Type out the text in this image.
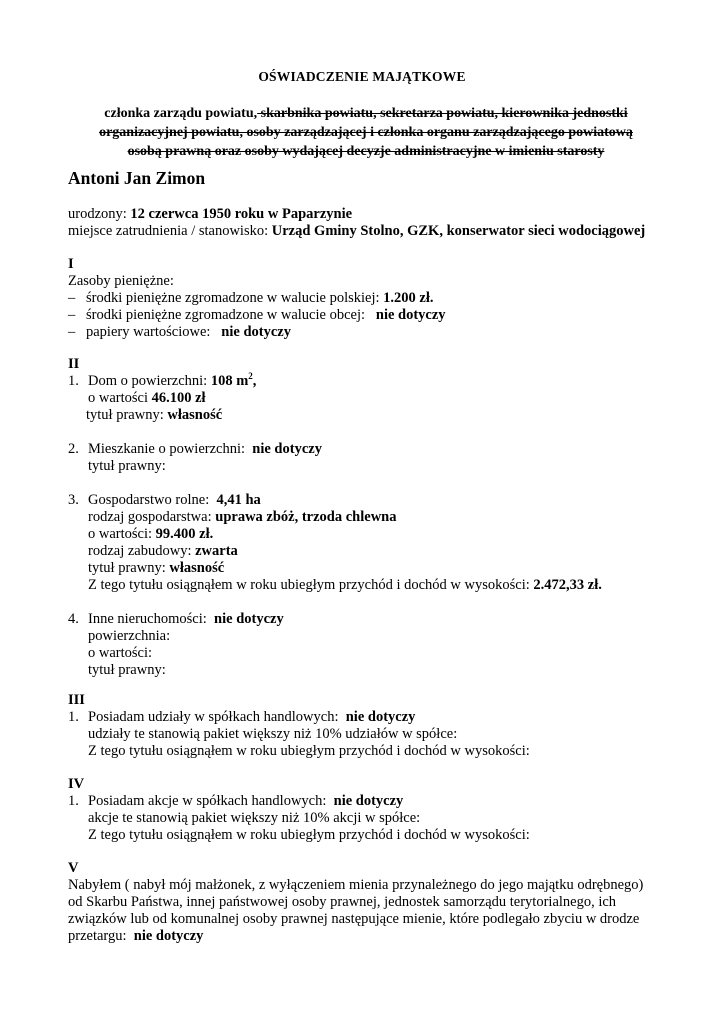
OŚWIADCZENIE MAJĄTKOWE
członka zarządu powiatu, skarbnika powiatu, sekretarza powiatu, kierownika jednostki
organizacyjnej powiatu, osoby zarządzającej i członka organu zarządzającego powiatową
osobą prawną oraz osoby wydającej decyzje administracyjne w imieniu starosty
Antoni Jan Zimon
urodzony: 12 czerwca 1950 roku w Paparzynie
miejsce zatrudnienia / stanowisko: Urząd Gminy Stolno, GZK, konserwator sieci wodociągowej
I
Zasoby pieniężne:
– środki pieniężne zgromadzone w walucie polskiej: 1.200 zł.
– środki pieniężne zgromadzone w walucie obcej:   nie dotyczy
– papiery wartościowe:   nie dotyczy
II
1. Dom o powierzchni: 108 $m^2$,
o wartości 46.100 zł
tytuł prawny: własność
2. Mieszkanie o powierzchni:  nie dotyczy
tytuł prawny:
3. Gospodarstwo rolne:  4,41 ha
rodzaj gospodarstwa: uprawa zbóż, trzoda chlewna
o wartości: 99.400 zł.
rodzaj zabudowy: zwarta
tytuł prawny: własność
Z tego tytułu osiągnąłem w roku ubiegłym przychód i dochód w wysokości: 2.472,33 zł.
4. Inne nieruchomości:  nie dotyczy
powierzchnia:
o wartości:
tytuł prawny:
III
1. Posiadam udziały w spółkach handlowych:  nie dotyczy
udziały te stanowią pakiet większy niż 10% udziałów w spółce:
Z tego tytułu osiągnąłem w roku ubiegłym przychód i dochód w wysokości:
IV
1. Posiadam akcje w spółkach handlowych:  nie dotyczy
akcje te stanowią pakiet większy niż 10% akcji w spółce:
Z tego tytułu osiągnąłem w roku ubiegłym przychód i dochód w wysokości:
V
Nabyłem ( nabył mój małżonek, z wyłączeniem mienia przynależnego do jego majątku odrębnego)
od Skarbu Państwa, innej państwowej osoby prawnej, jednostek samorządu terytorialnego, ich
związków lub od komunalnej osoby prawnej następujące mienie, które podlegało zbyciu w drodze
przetargu:  nie dotyczy
